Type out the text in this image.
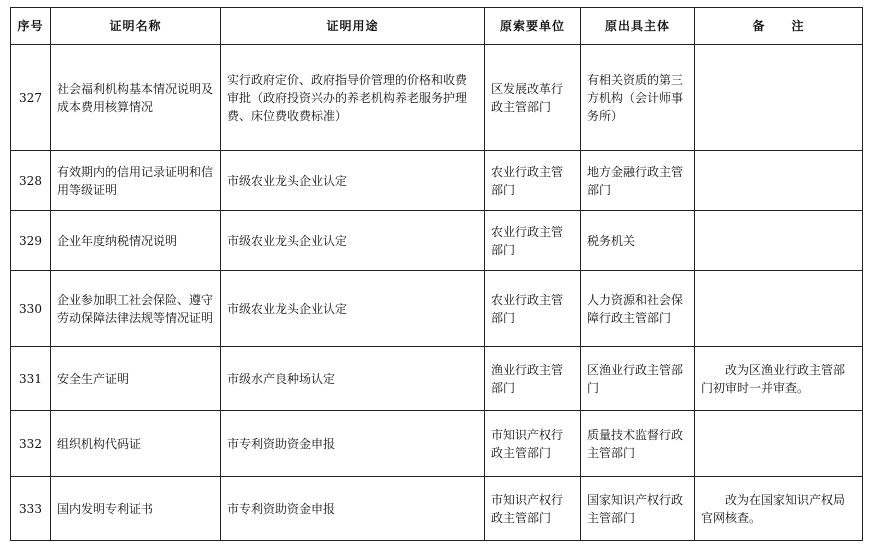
序号	证明名称	证明用途	原索要单位	原出具主体	备　　注
327	社会福利机构基本情况说明及成本费用核算情况	实行政府定价、政府指导价管理的价格和收费审批（政府投资兴办的养老机构养老服务护理费、床位费收费标准）	区发展改革行政主管部门	有相关资质的第三方机构（会计师事务所）	
328	有效期内的信用记录证明和信用等级证明	市级农业龙头企业认定	农业行政主管部门	地方金融行政主管部门	
329	企业年度纳税情况说明	市级农业龙头企业认定	农业行政主管部门	税务机关	
330	企业参加职工社会保险、遵守劳动保障法律法规等情况证明	市级农业龙头企业认定	农业行政主管部门	人力资源和社会保障行政主管部门	
331	安全生产证明	市级水产良种场认定	渔业行政主管部门	区渔业行政主管部门	改为区渔业行政主管部门初审时一并审查。
332	组织机构代码证	市专利资助资金申报	市知识产权行政主管部门	质量技术监督行政主管部门	
333	国内发明专利证书	市专利资助资金申报	市知识产权行政主管部门	国家知识产权行政主管部门	改为在国家知识产权局官网核查。
